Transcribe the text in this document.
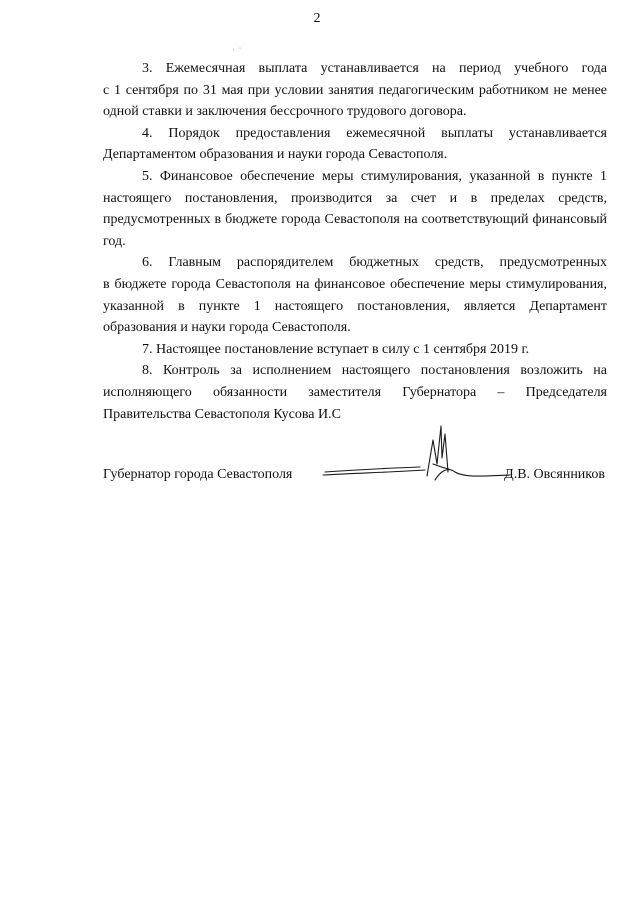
2
·  ˙

3. Ежемесячная выплата устанавливается на период учебного года с 1 сентября по 31 мая при условии занятия педагогическим работником не менее одной ставки и заключения бессрочного трудового договора.

4. Порядок предоставления ежемесячной выплаты устанавливается Департаментом образования и науки города Севастополя.

5. Финансовое обеспечение меры стимулирования, указанной в пункте 1 настоящего постановления, производится за счет и в пределах средств, предусмотренных в бюджете города Севастополя на соответствующий финансовый год.

6. Главным распорядителем бюджетных средств, предусмотренных в бюджете города Севастополя на финансовое обеспечение меры стимулирования, указанной в пункте 1 настоящего постановления, является Департамент образования и науки города Севастополя.

7. Настоящее постановление вступает в силу с 1 сентября 2019 г.

8. Контроль за исполнением настоящего постановления возложить на исполняющего обязанности заместителя Губернатора – Председателя Правительства Севастополя Кусова И.С

Губернатор города Севастополя	Д.В. Овсянников
